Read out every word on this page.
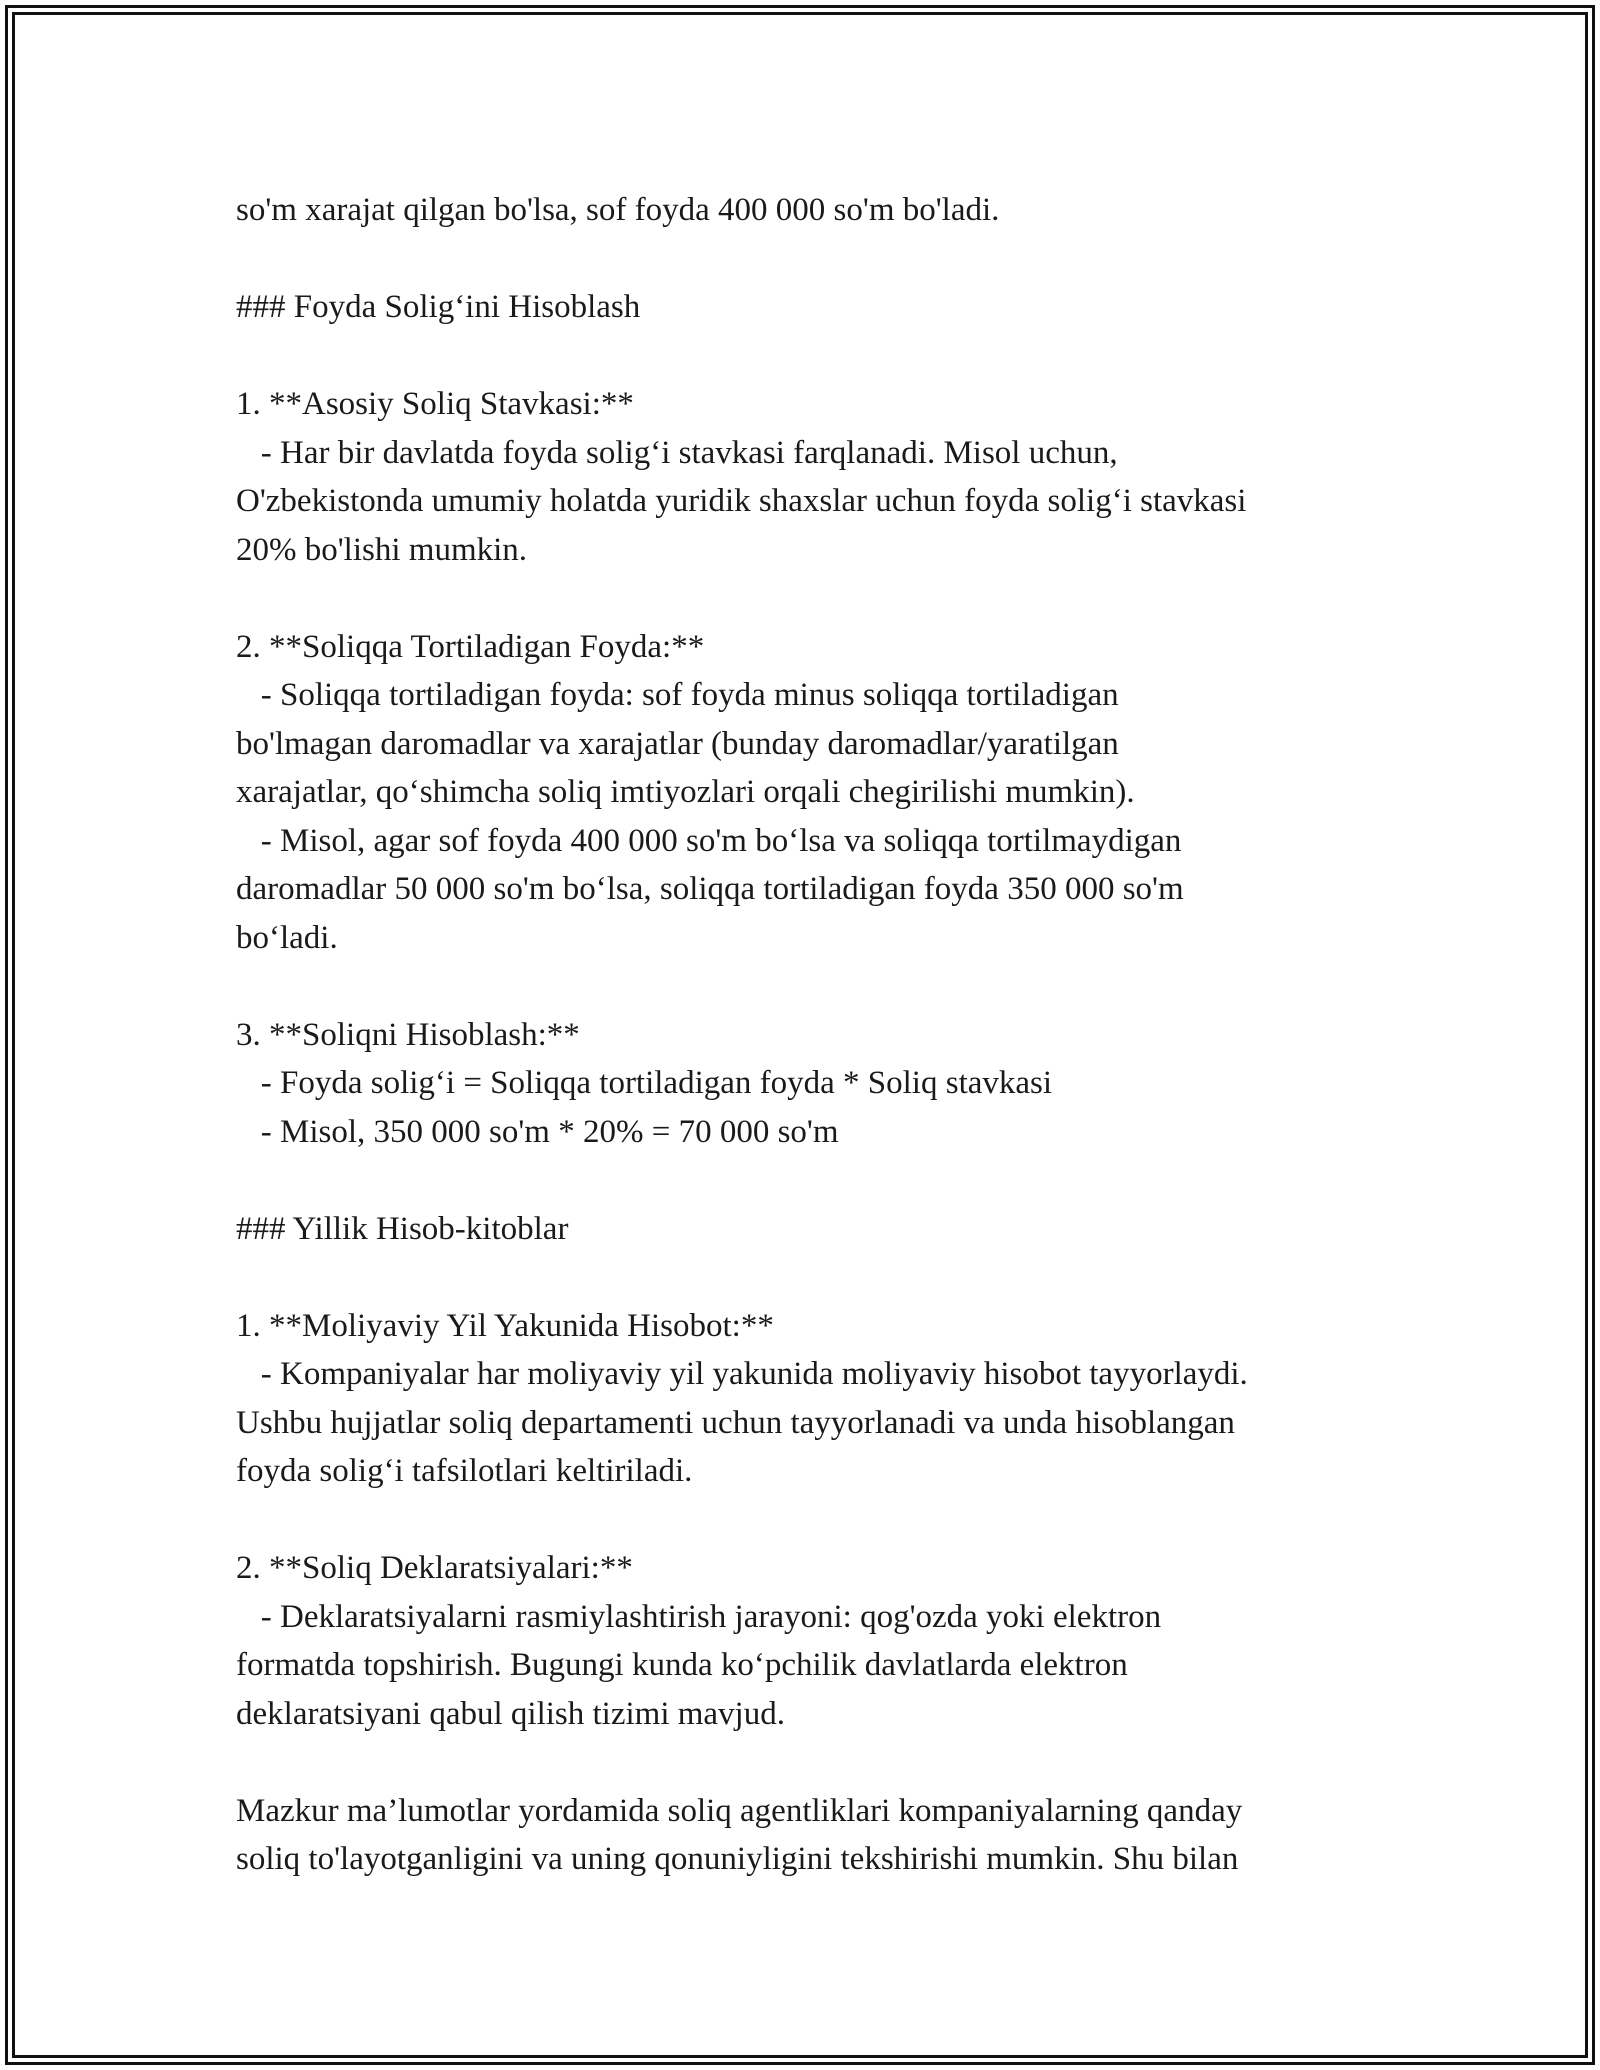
so'm xarajat qilgan bo'lsa, sof foyda 400 000 so'm bo'ladi.
### Foyda Solig‘ini Hisoblash
1. **Asosiy Soliq Stavkasi:**
- Har bir davlatda foyda solig‘i stavkasi farqlanadi. Misol uchun,
O'zbekistonda umumiy holatda yuridik shaxslar uchun foyda solig‘i stavkasi
20% bo'lishi mumkin.
2. **Soliqqa Tortiladigan Foyda:**
- Soliqqa tortiladigan foyda: sof foyda minus soliqqa tortiladigan
bo'lmagan daromadlar va xarajatlar (bunday daromadlar/yaratilgan
xarajatlar, qo‘shimcha soliq imtiyozlari orqali chegirilishi mumkin).
- Misol, agar sof foyda 400 000 so'm bo‘lsa va soliqqa tortilmaydigan
daromadlar 50 000 so'm bo‘lsa, soliqqa tortiladigan foyda 350 000 so'm
bo‘ladi.
3. **Soliqni Hisoblash:**
- Foyda solig‘i = Soliqqa tortiladigan foyda * Soliq stavkasi
- Misol, 350 000 so'm * 20% = 70 000 so'm
### Yillik Hisob-kitoblar
1. **Moliyaviy Yil Yakunida Hisobot:**
- Kompaniyalar har moliyaviy yil yakunida moliyaviy hisobot tayyorlaydi.
Ushbu hujjatlar soliq departamenti uchun tayyorlanadi va unda hisoblangan
foyda solig‘i tafsilotlari keltiriladi.
2. **Soliq Deklaratsiyalari:**
- Deklaratsiyalarni rasmiylashtirish jarayoni: qog'ozda yoki elektron
formatda topshirish. Bugungi kunda ko‘pchilik davlatlarda elektron
deklaratsiyani qabul qilish tizimi mavjud.
Mazkur ma’lumotlar yordamida soliq agentliklari kompaniyalarning qanday
soliq to'layotganligini va uning qonuniyligini tekshirishi mumkin. Shu bilan
